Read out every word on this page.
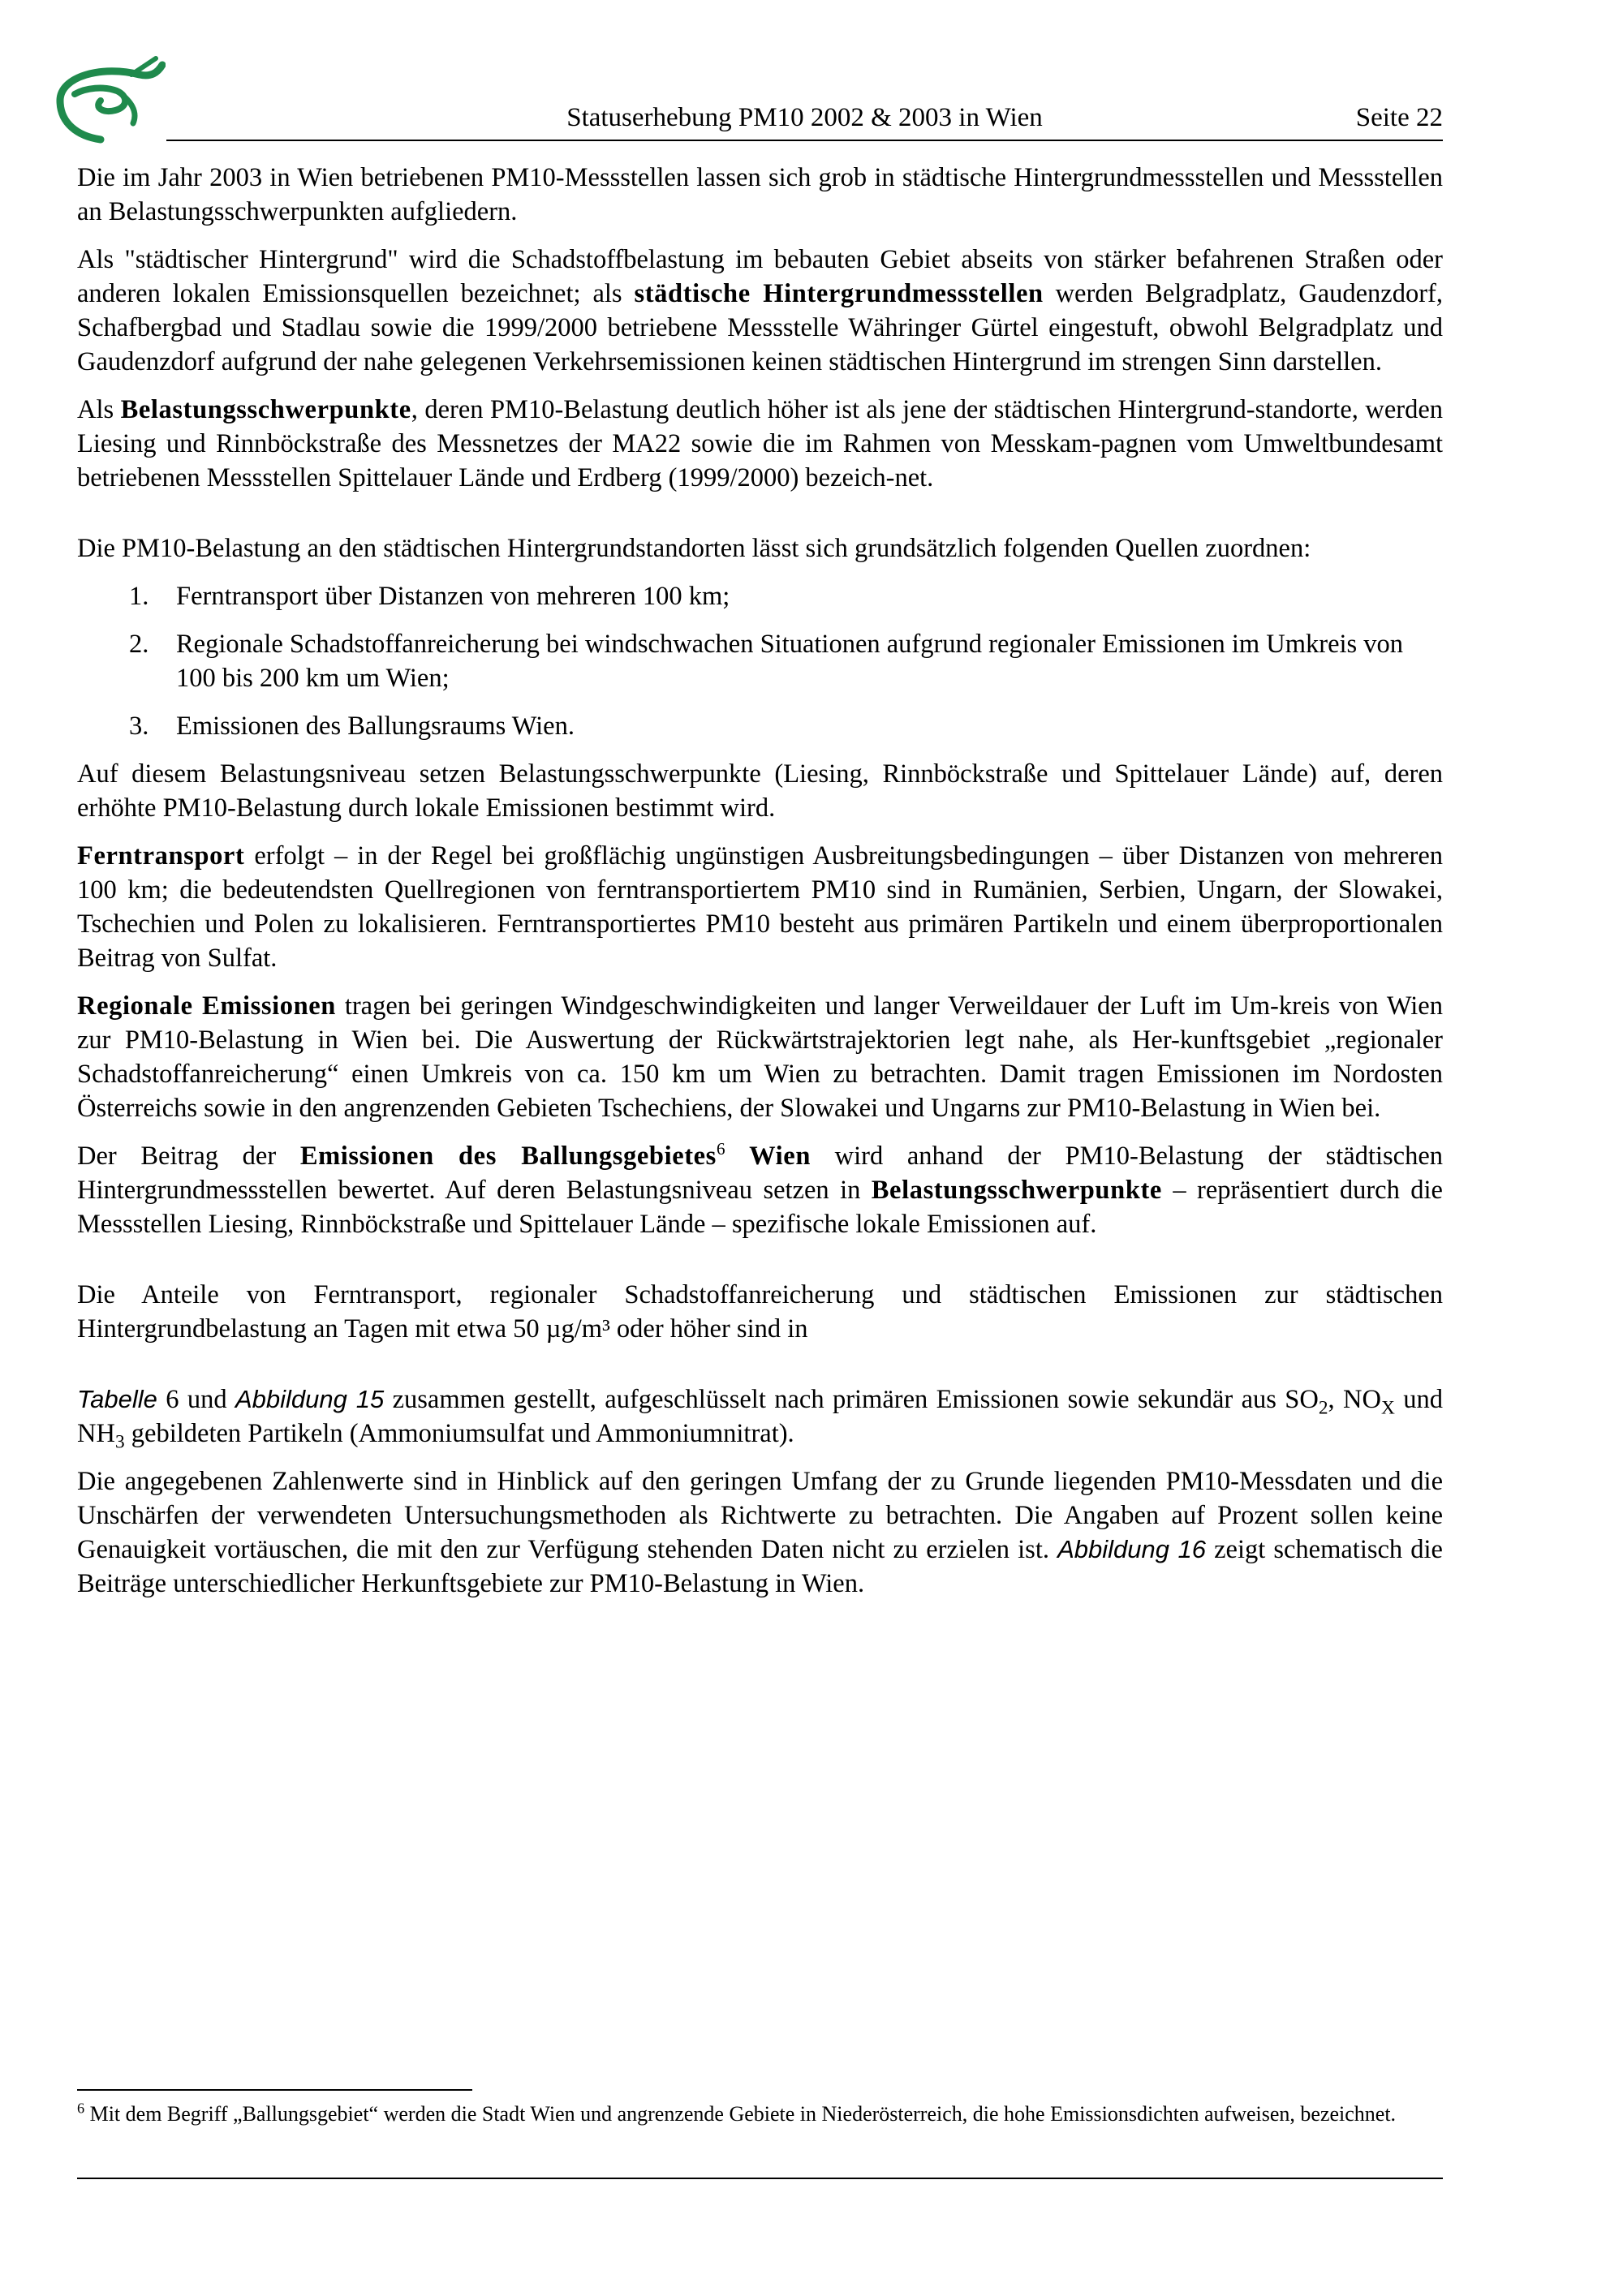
Statuserhebung PM10 2002 & 2003 in Wien	Seite 22

Die im Jahr 2003 in Wien betriebenen PM10-Messstellen lassen sich grob in städtische Hintergrundmessstellen und Messstellen an Belastungsschwerpunkten aufgliedern.

Als "städtischer Hintergrund" wird die Schadstoffbelastung im bebauten Gebiet abseits von stärker befahrenen Straßen oder anderen lokalen Emissionsquellen bezeichnet; als städtische Hintergrundmessstellen werden Belgradplatz, Gaudenzdorf, Schafbergbad und Stadlau sowie die 1999/2000 betriebene Messstelle Währinger Gürtel eingestuft, obwohl Belgradplatz und Gaudenzdorf aufgrund der nahe gelegenen Verkehrsemissionen keinen städtischen Hintergrund im strengen Sinn darstellen.

Als Belastungsschwerpunkte, deren PM10-Belastung deutlich höher ist als jene der städtischen Hintergrund-standorte, werden Liesing und Rinnböckstraße des Messnetzes der MA22 sowie die im Rahmen von Messkam-pagnen vom Umweltbundesamt betriebenen Messstellen Spittelauer Lände und Erdberg (1999/2000) bezeich-net.

Die PM10-Belastung an den städtischen Hintergrundstandorten lässt sich grundsätzlich folgenden Quellen zuordnen:

1. Ferntransport über Distanzen von mehreren 100 km;
2. Regionale Schadstoffanreicherung bei windschwachen Situationen aufgrund regionaler Emissionen im Umkreis von 100 bis 200 km um Wien;
3. Emissionen des Ballungsraums Wien.

Auf diesem Belastungsniveau setzen Belastungsschwerpunkte (Liesing, Rinnböckstraße und Spittelauer Lände) auf, deren erhöhte PM10-Belastung durch lokale Emissionen bestimmt wird.

Ferntransport erfolgt – in der Regel bei großflächig ungünstigen Ausbreitungsbedingungen – über Distanzen von mehreren 100 km; die bedeutendsten Quellregionen von ferntransportiertem PM10 sind in Rumänien, Serbien, Ungarn, der Slowakei, Tschechien und Polen zu lokalisieren. Ferntransportiertes PM10 besteht aus primären Partikeln und einem überproportionalen Beitrag von Sulfat.

Regionale Emissionen tragen bei geringen Windgeschwindigkeiten und langer Verweildauer der Luft im Um-kreis von Wien zur PM10-Belastung in Wien bei. Die Auswertung der Rückwärtstrajektorien legt nahe, als Her-kunftsgebiet „regionaler Schadstoffanreicherung“ einen Umkreis von ca. 150 km um Wien zu betrachten. Damit tragen Emissionen im Nordosten Österreichs sowie in den angrenzenden Gebieten Tschechiens, der Slowakei und Ungarns zur PM10-Belastung in Wien bei.

Der Beitrag der Emissionen des Ballungsgebietes$^6$ Wien wird anhand der PM10-Belastung der städtischen Hintergrundmessstellen bewertet. Auf deren Belastungsniveau setzen in Belastungsschwerpunkte – repräsentiert durch die Messstellen Liesing, Rinnböckstraße und Spittelauer Lände – spezifische lokale Emissionen auf.

Die Anteile von Ferntransport, regionaler Schadstoffanreicherung und städtischen Emissionen zur städtischen Hintergrundbelastung an Tagen mit etwa 50 µg/m³ oder höher sind in

Tabelle 6 und Abbildung 15 zusammen gestellt, aufgeschlüsselt nach primären Emissionen sowie sekundär aus $SO_2$, $NO_X$ und $NH_3$ gebildeten Partikeln (Ammoniumsulfat und Ammoniumnitrat).

Die angegebenen Zahlenwerte sind in Hinblick auf den geringen Umfang der zu Grunde liegenden PM10-Messdaten und die Unschärfen der verwendeten Untersuchungsmethoden als Richtwerte zu betrachten. Die Angaben auf Prozent sollen keine Genauigkeit vortäuschen, die mit den zur Verfügung stehenden Daten nicht zu erzielen ist. Abbildung 16 zeigt schematisch die Beiträge unterschiedlicher Herkunftsgebiete zur PM10-Belastung in Wien.

$^6$ Mit dem Begriff „Ballungsgebiet“ werden die Stadt Wien und angrenzende Gebiete in Niederösterreich, die hohe Emissionsdichten aufweisen, bezeichnet.
